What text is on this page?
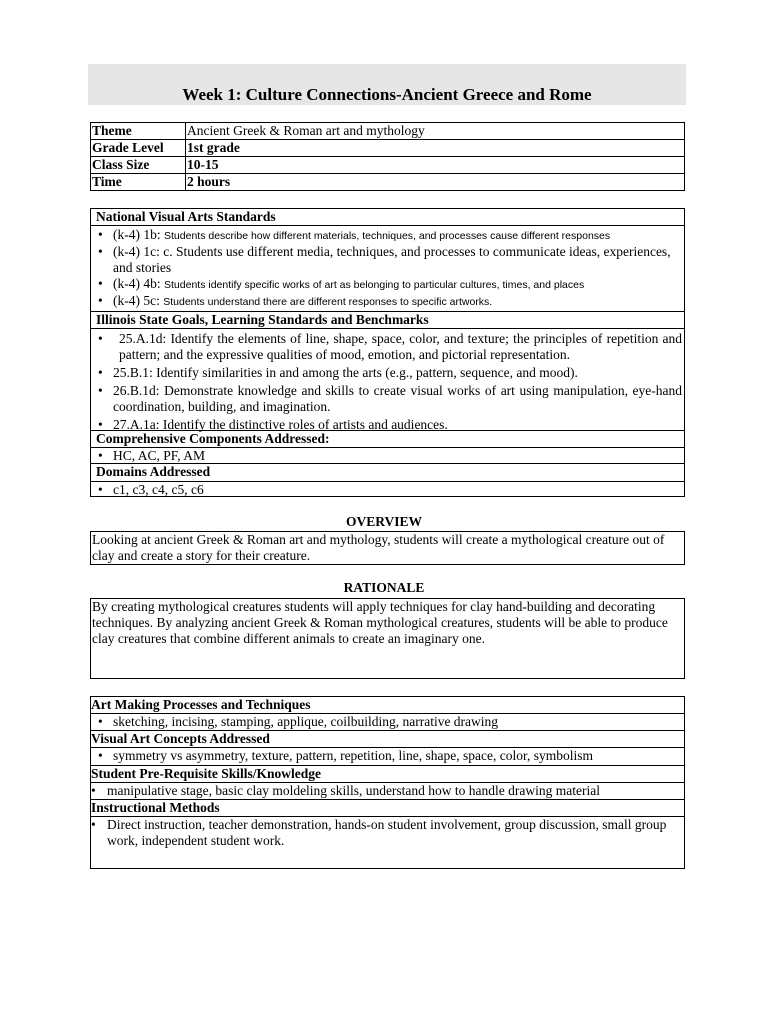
Week 1: Culture Connections-Ancient Greece and Rome
Theme	Ancient Greek & Roman art and mythology
Grade Level	1st grade
Class Size	10-15
Time	2 hours
National Visual Arts Standards
• (k-4) 1b: Students describe how different materials, techniques, and processes cause different responses
• (k-4) 1c: c. Students use different media, techniques, and processes to communicate ideas, experiences, and stories
• (k-4) 4b: Students identify specific works of art as belonging to particular cultures, times, and places
• (k-4) 5c: Students understand there are different responses to specific artworks.
Illinois State Goals, Learning Standards and Benchmarks
• 25.A.1d: Identify the elements of line, shape, space, color, and texture; the principles of repetition and pattern; and the expressive qualities of mood, emotion, and pictorial representation.
• 25.B.1: Identify similarities in and among the arts (e.g., pattern, sequence, and mood).
• 26.B.1d: Demonstrate knowledge and skills to create visual works of art using manipulation, eye-hand coordination, building, and imagination.
• 27.A.1a: Identify the distinctive roles of artists and audiences.
Comprehensive Components Addressed:
• HC, AC, PF, AM
Domains Addressed
• c1, c3, c4, c5, c6
OVERVIEW
Looking at ancient Greek & Roman art and mythology, students will create a mythological creature out of clay and create a story for their creature.
RATIONALE
By creating mythological creatures students will apply techniques for clay hand-building and decorating techniques. By analyzing ancient Greek & Roman mythological creatures, students will be able to produce clay creatures that combine different animals to create an imaginary one.
Art Making Processes and Techniques
• sketching, incising, stamping, applique, coilbuilding, narrative drawing
Visual Art Concepts Addressed
• symmetry vs asymmetry, texture, pattern, repetition, line, shape, space, color, symbolism
Student Pre-Requisite Skills/Knowledge
• manipulative stage, basic clay moldeling skills, understand how to handle drawing material
Instructional Methods
• Direct instruction, teacher demonstration, hands-on student involvement, group discussion, small group work, independent student work.
